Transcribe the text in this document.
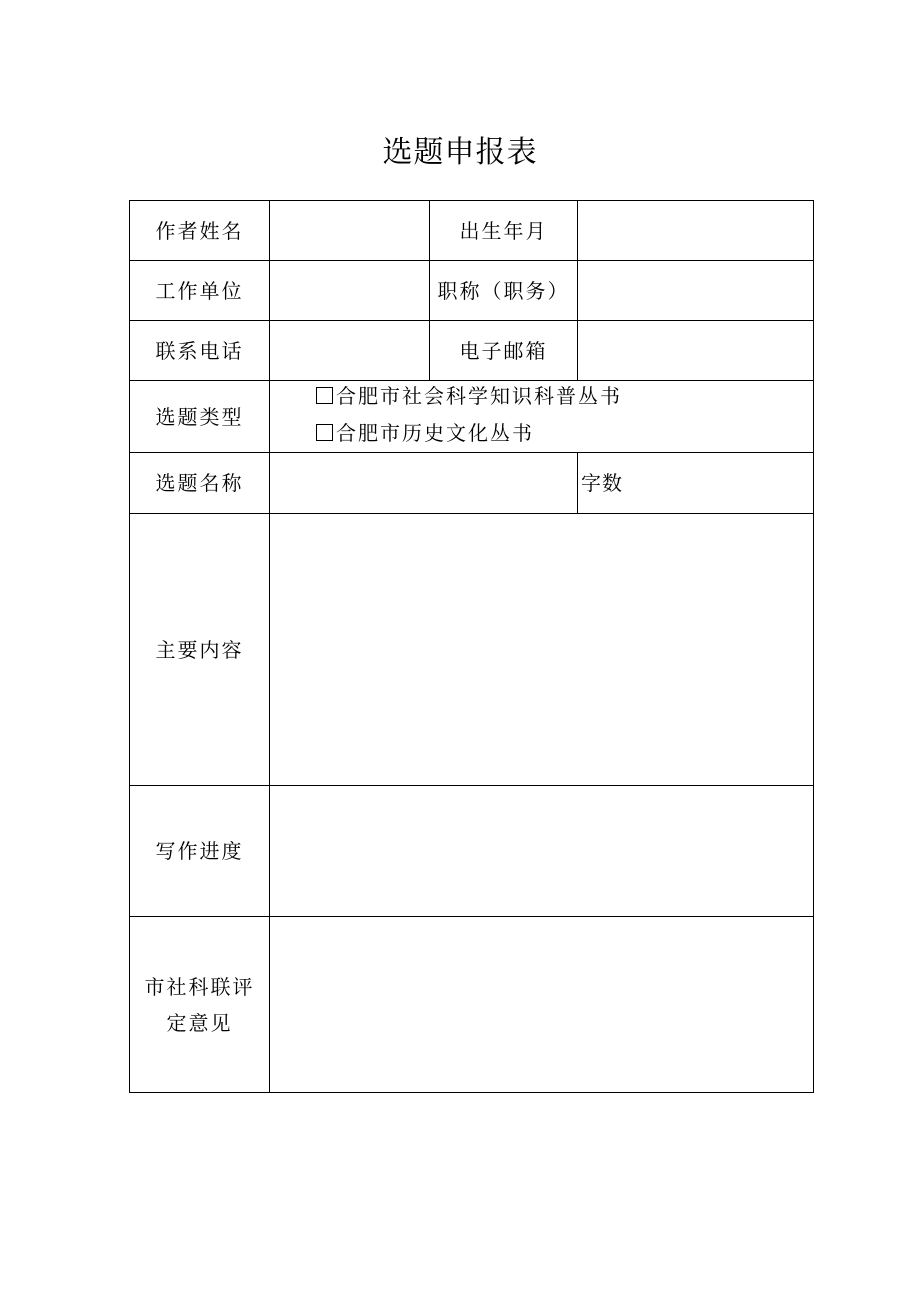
选题申报表
作者姓名		出生年月	
工作单位		职称（职务）	
联系电话		电子邮箱	
选题类型	合肥市社会科学知识科普丛书
合肥市历史文化丛书		

选题名称			字数
主要内容			
写作进度			

市社科联评定意见			
